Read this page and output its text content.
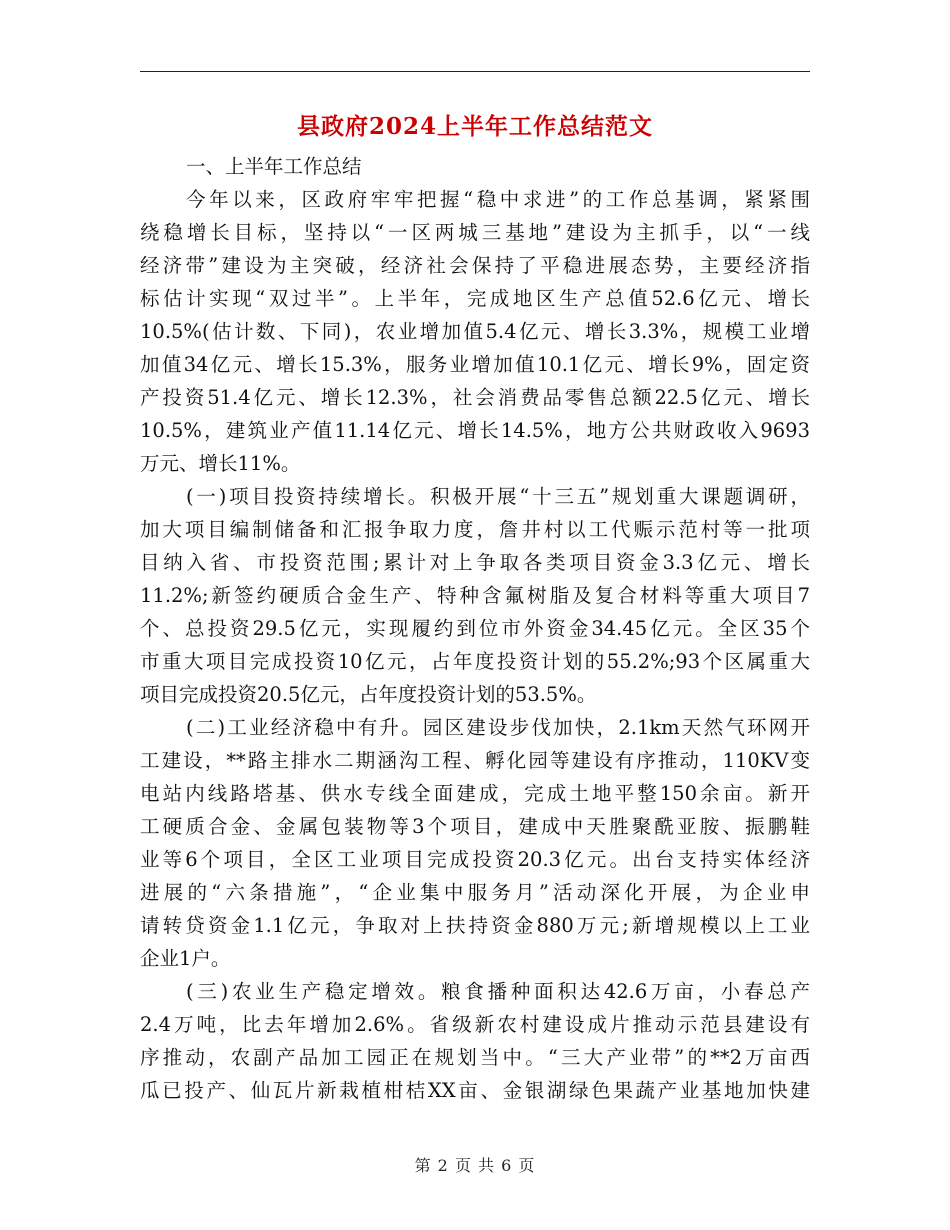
县政府2024上半年工作总结范文

一、上半年工作总结

今年以来，区政府牢牢把握“稳中求进”的工作总基调，紧紧围
绕稳增长目标，坚持以“一区两城三基地”建设为主抓手，以“一线
经济带”建设为主突破，经济社会保持了平稳进展态势，主要经济指
标估计实现“双过半”。上半年，完成地区生产总值52.6亿元、增长
10.5%(估计数、下同)，农业增加值5.4亿元、增长3.3%，规模工业增
加值34亿元、增长15.3%，服务业增加值10.1亿元、增长9%，固定资
产投资51.4亿元、增长12.3%，社会消费品零售总额22.5亿元、增长
10.5%，建筑业产值11.14亿元、增长14.5%，地方公共财政收入9693
万元、增长11%。
(一)项目投资持续增长。积极开展“十三五”规划重大课题调研，
加大项目编制储备和汇报争取力度，詹井村以工代赈示范村等一批项
目纳入省、市投资范围;累计对上争取各类项目资金3.3亿元、增长
11.2%;新签约硬质合金生产、特种含氟树脂及复合材料等重大项目7
个、总投资29.5亿元，实现履约到位市外资金34.45亿元。全区35个
市重大项目完成投资10亿元，占年度投资计划的55.2%;93个区属重大
项目完成投资20.5亿元，占年度投资计划的53.5%。
(二)工业经济稳中有升。园区建设步伐加快，2.1km天然气环网开
工建设，**路主排水二期涵沟工程、孵化园等建设有序推动，110KV变
电站内线路塔基、供水专线全面建成，完成土地平整150余亩。新开
工硬质合金、金属包装物等3个项目，建成中天胜聚酰亚胺、振鹏鞋
业等6个项目，全区工业项目完成投资20.3亿元。出台支持实体经济
进展的“六条措施”，“企业集中服务月”活动深化开展，为企业申
请转贷资金1.1亿元，争取对上扶持资金880万元;新增规模以上工业
企业1户。
(三)农业生产稳定增效。粮食播种面积达42.6万亩，小春总产
2.4万吨，比去年增加2.6%。省级新农村建设成片推动示范县建设有
序推动，农副产品加工园正在规划当中。“三大产业带”的**2万亩西
瓜已投产、仙瓦片新栽植柑桔XX亩、金银湖绿色果蔬产业基地加快建
第 2 页 共 6 页
